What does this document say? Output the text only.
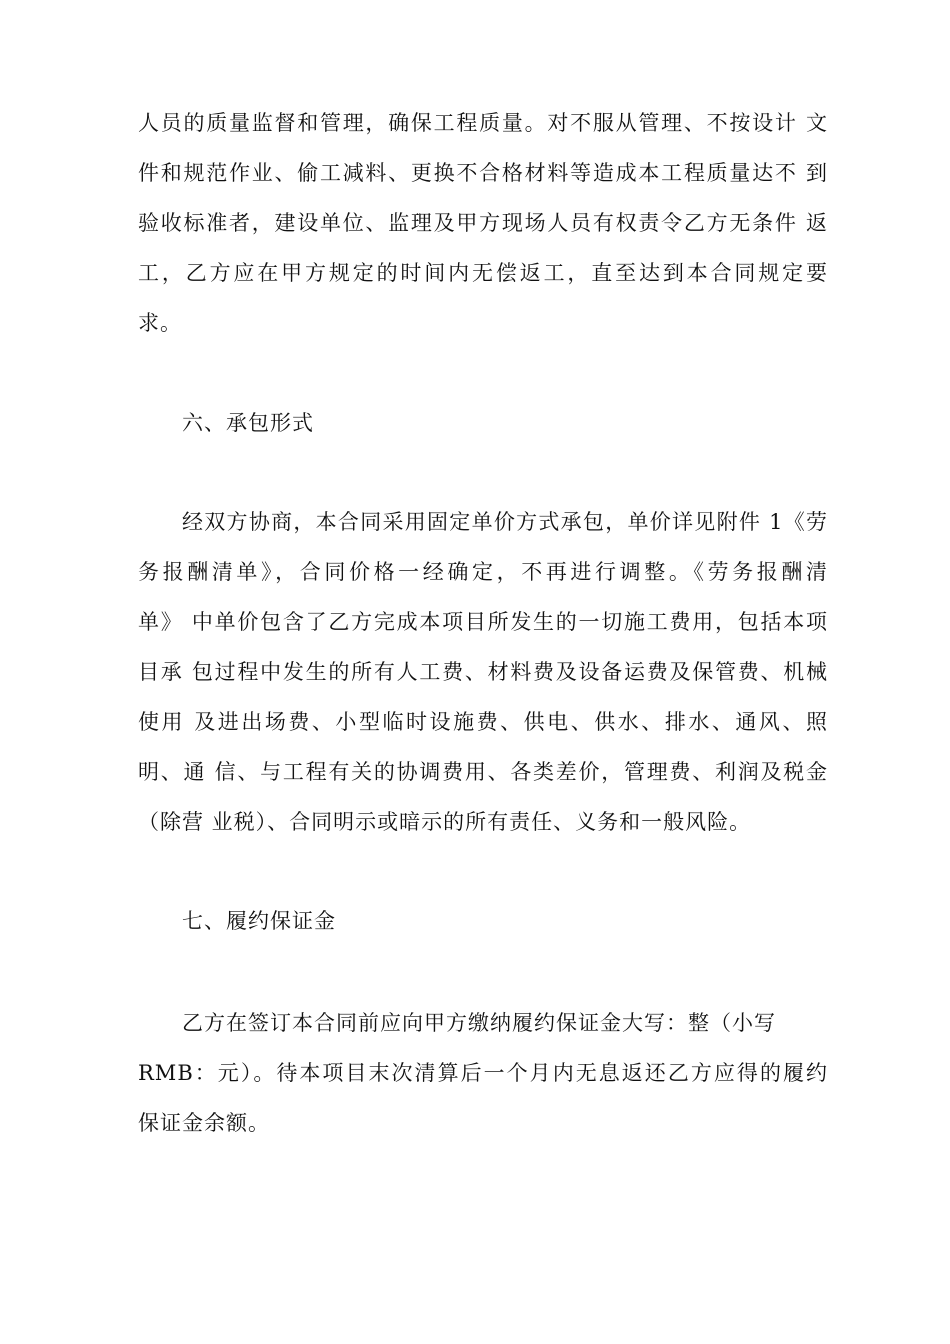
人员的质量监督和管理，确保工程质量。对不服从管理、不按设计 文
件和规范作业、偷工减料、更换不合格材料等造成本工程质量达不 到
验收标准者，建设单位、监理及甲方现场人员有权责令乙方无条件 返
工，乙方应在甲方规定的时间内无偿返工，直至达到本合同规定要
求。
六、承包形式
经双方协商，本合同采用固定单价方式承包，单价详见附件 1《劳
务报酬清单》，合同价格一经确定，不再进行调整。《劳务报酬清
单》 中单价包含了乙方完成本项目所发生的一切施工费用，包括本项
目承 包过程中发生的所有人工费、材料费及设备运费及保管费、机械
使用 及进出场费、小型临时设施费、供电、供水、排水、通风、照
明、通 信、与工程有关的协调费用、各类差价，管理费、利润及税金
（除营 业税）、合同明示或暗示的所有责任、义务和一般风险。
七、履约保证金
乙方在签订本合同前应向甲方缴纳履约保证金大写：整（小写
RMB：元）。待本项目末次清算后一个月内无息返还乙方应得的履约
保证金余额。
